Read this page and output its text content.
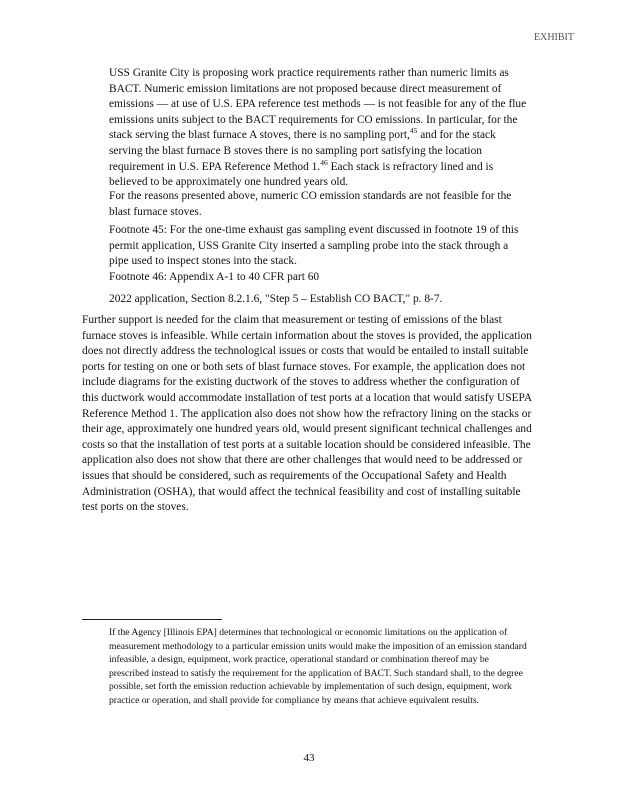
EXHIBIT
USS Granite City is proposing work practice requirements rather than numeric limits as BACT. Numeric emission limitations are not proposed because direct measurement of emissions — at use of U.S. EPA reference test methods — is not feasible for any of the flue emissions units subject to the BACT requirements for CO emissions. In particular, for the stack serving the blast furnace A stoves, there is no sampling port,$^{45}$ and for the stack serving the blast furnace B stoves there is no sampling port satisfying the location requirement in U.S. EPA Reference Method 1.46 Each stack is refractory lined and is believed to be approximately one hundred years old.
For the reasons presented above, numeric CO emission standards are not feasible for the blast furnace stoves.
Footnote 45: For the one-time exhaust gas sampling event discussed in footnote 19 of this permit application, USS Granite City inserted a sampling probe into the stack through a pipe used to inspect stones into the stack.
Footnote 46: Appendix A-1 to 40 CFR part 60
2022 application, Section 8.2.1.6, "Step 5 – Establish CO BACT," p. 8-7.
Further support is needed for the claim that measurement or testing of emissions of the blast furnace stoves is infeasible. While certain information about the stoves is provided, the application does not directly address the technological issues or costs that would be entailed to install suitable ports for testing on one or both sets of blast furnace stoves. For example, the application does not include diagrams for the existing ductwork of the stoves to address whether the configuration of this ductwork would accommodate installation of test ports at a location that would satisfy USEPA Reference Method 1. The application also does not show how the refractory lining on the stacks or their age, approximately one hundred years old, would present significant technical challenges and costs so that the installation of test ports at a suitable location should be considered infeasible. The application also does not show that there are other challenges that would need to be addressed or issues that should be considered, such as requirements of the Occupational Safety and Health Administration (OSHA), that would affect the technical feasibility and cost of installing suitable test ports on the stoves.
If the Agency [Illinois EPA] determines that technological or economic limitations on the application of measurement methodology to a particular emission units would make the imposition of an emission standard infeasible, a design, equipment, work practice, operational standard or combination thereof may be prescribed instead to satisfy the requirement for the application of BACT. Such standard shall, to the degree possible, set forth the emission reduction achievable by implementation of such design, equipment, work practice or operation, and shall provide for compliance by means that achieve equivalent results.
43
